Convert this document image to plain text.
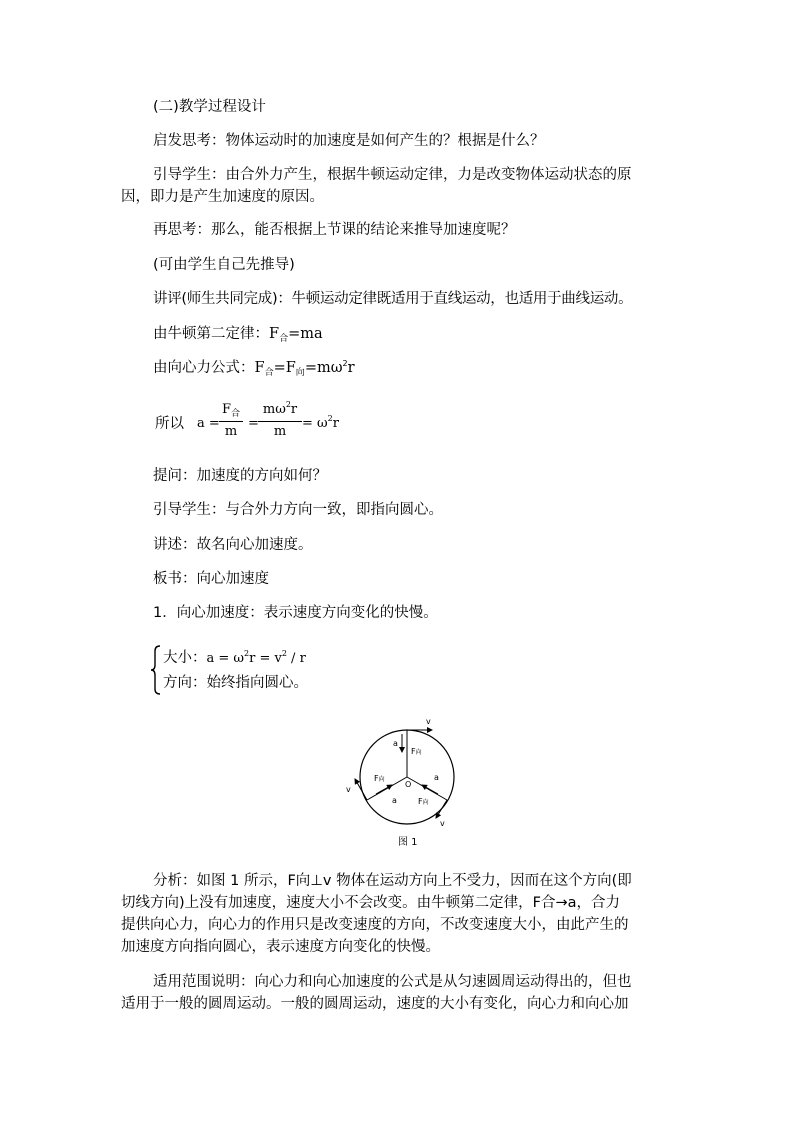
(二)教学过程设计
启发思考：物体运动时的加速度是如何产生的？根据是什么？
引导学生：由合外力产生，根据牛顿运动定律，力是改变物体运动状态的原
因，即力是产生加速度的原因。
再思考：那么，能否根据上节课的结论来推导加速度呢？
(可由学生自己先推导)
讲评(师生共同完成)：牛顿运动定律既适用于直线运动，也适用于曲线运动。
由牛顿第二定律：$F_合=ma$
由向心力公式：$F_合=F_向=m\omega^2r$
所以 a =
$F_合$
m
= $\frac{m\omega^2r}{m} = \omega^2r$
提问：加速度的方向如何？
引导学生：与合外力方向一致，即指向圆心。
讲述：故名向心加速度。
板书：向心加速度
1．向心加速度：表示速度方向变化的快慢。
大小：$a = \omega^2r = v^2 / r$
方向：始终指向圆心。
v
a
F向
F向
O
a
v
a	F向
v
图 1
分析：如图 1 所示，F向⊥v 物体在运动方向上不受力，因而在这个方向(即
切线方向)上没有加速度，速度大小不会改变。由牛顿第二定律，F合→a，合力
提供向心力，向心力的作用只是改变速度的方向，不改变速度大小，由此产生的
加速度方向指向圆心，表示速度方向变化的快慢。
适用范围说明：向心力和向心加速度的公式是从匀速圆周运动得出的，但也
适用于一般的圆周运动。一般的圆周运动，速度的大小有变化，向心力和向心加
